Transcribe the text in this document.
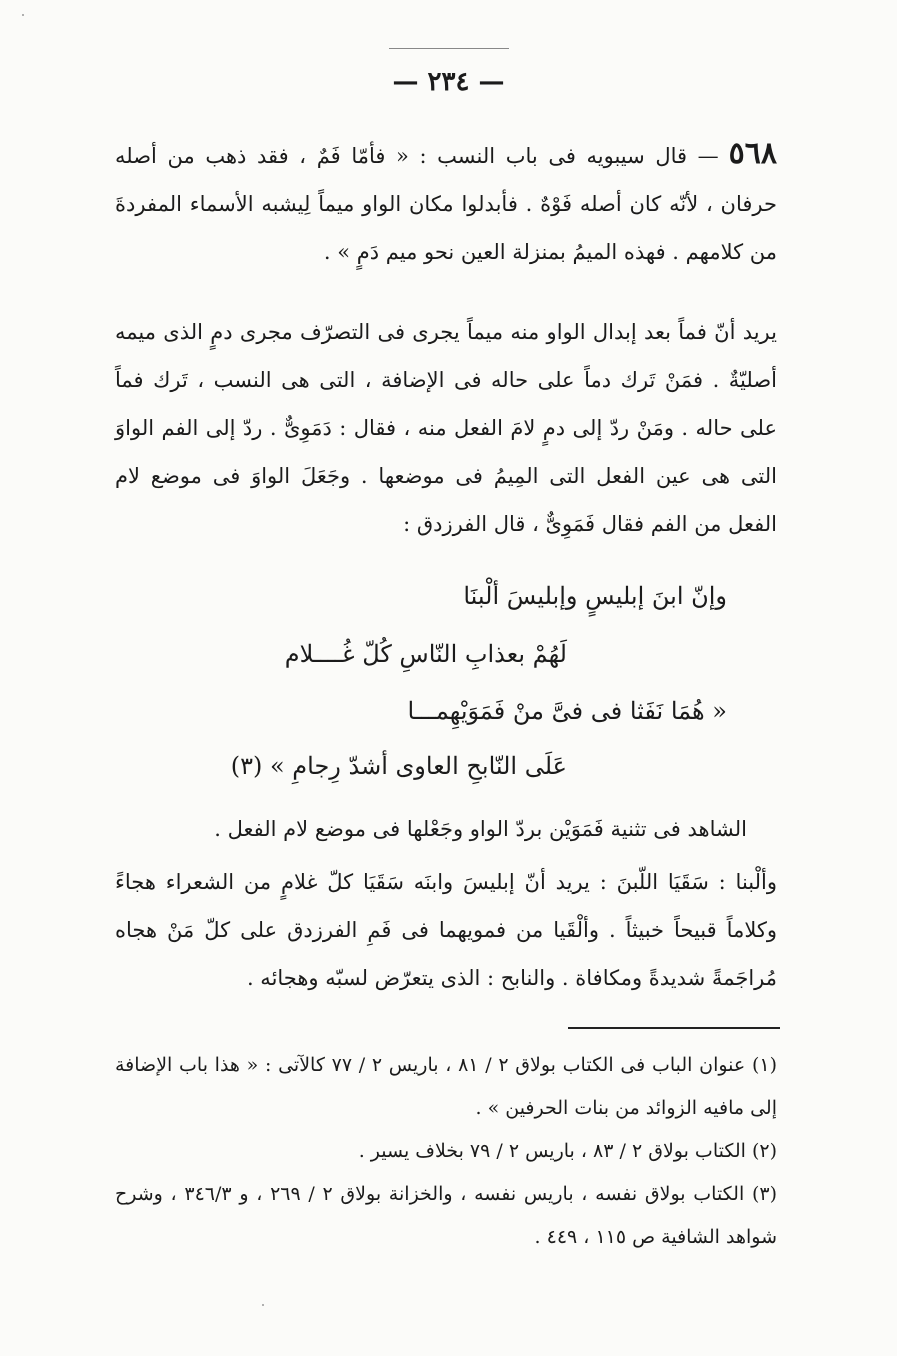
— ٢٣٤ —

٥٦٨— قال سيبويه فى باب النسب : « فأمّا فَمٌ ، فقد ذهب من أصله حرفان ، لأنّه كان أصله فَوْهٌ . فأبدلوا مكان الواو ميماً لِيشبه الأسماء المفردةَ من كلامهم . فهذه الميمُ بمنزلة العين نحو ميم دَمٍ » .

يريد أنّ فماً بعد إبدال الواو منه ميماً يجرى فى التصرّف مجرى دمٍ الذى ميمه أصليّةٌ . فمَنْ تَرك دماً على حاله فى الإضافة ، التى هى النسب ، تَرك فماً على حاله . ومَنْ ردّ إلى دمٍ لامَ الفعل منه ، فقال : دَمَوِىٌّ . ردّ إلى الفم الواوَ التى هى عين الفعل التى المِيمُ فى موضعها . وجَعَلَ الواوَ فى موضع لام الفعل من الفم فقال فَمَوِىٌّ ، قال الفرزدق :

وإنّ ابنَ إبليسٍ وإبليسَ ألْبنَا
لَهُمْ بعذابِ النّاسِ كُلّ غُــــلام
« هُمَا نَفَثا فى فىَّ منْ فَمَوَيْهِمـــا
عَلَى النّابحِ العاوى أشدّ رِجامِ » (٣)

الشاهد فى تثنية فَمَوَيْن بردّ الواو وجَعْلها فى موضع لام الفعل .

وألْبنا : سَقَيَا اللّبنَ : يريد أنّ إبليسَ وابنَه سَقَيَا كلّ غلامٍ من الشعراء هجاءً وكلاماً قبيحاً خبيثاً . وألْقَيا من فمويهما فى فَمِ الفرزدق على كلّ مَنْ هجاه مُراجَمةً شديدةً ومكافاة . والنابح : الذى يتعرّض لسبّه وهجائه .

(١) عنوان الباب فى الكتاب بولاق ٢ / ٨١ ، باريس ٢ / ٧٧ كالآتى : « هذا باب الإضافة إلى مافيه الزوائد من بنات الحرفين » .

(٢) الكتاب بولاق ٢ / ٨٣ ، باريس ٢ / ٧٩ بخلاف يسير .

(٣) الكتاب بولاق نفسه ، باريس نفسه ، والخزانة بولاق ٢ / ٢٦٩ ، و ٣٤٦/٣ ، وشرح شواهد الشافية ص ١١٥ ، ٤٤٩ .
